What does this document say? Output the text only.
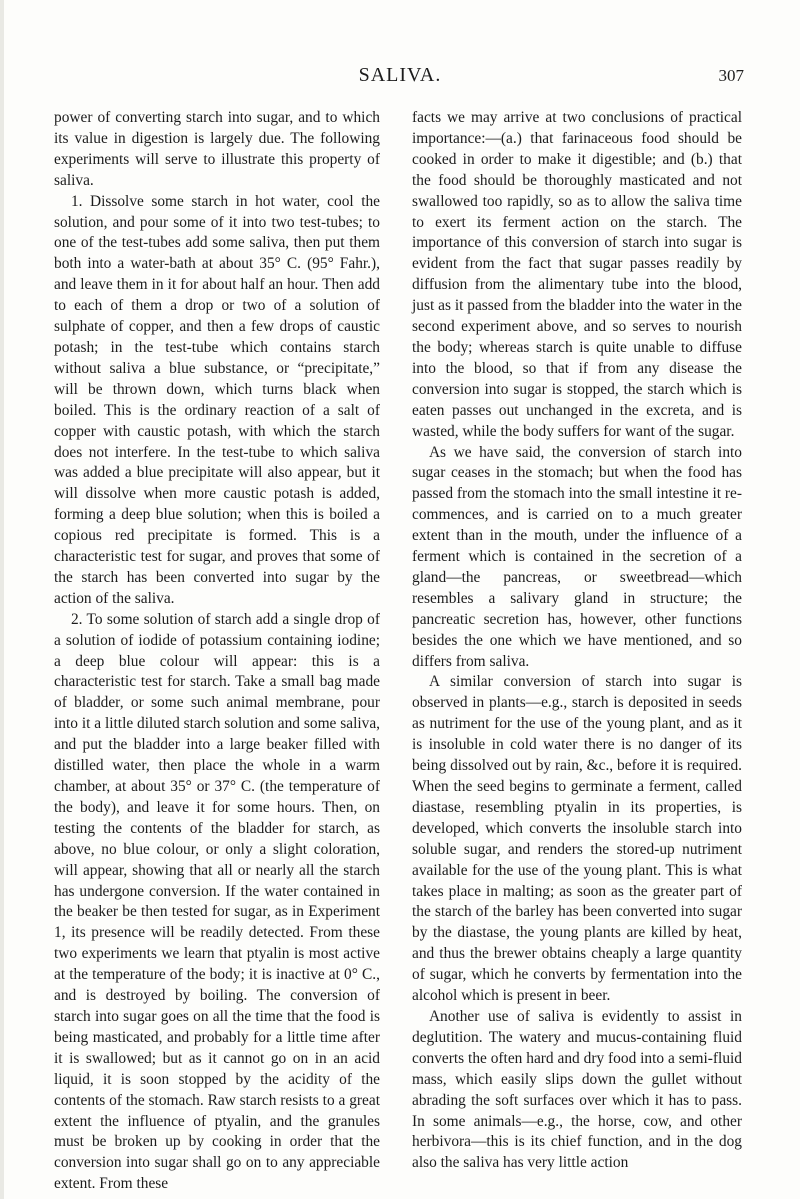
SALIVA.	307

power of converting starch into sugar, and to which its value in digestion is largely due. The following experiments will serve to illustrate this property of saliva.

1. Dissolve some starch in hot water, cool the solution, and pour some of it into two test-tubes; to one of the test-tubes add some saliva, then put them both into a water-bath at about 35° C. (95° Fahr.), and leave them in it for about half an hour. Then add to each of them a drop or two of a solution of sulphate of copper, and then a few drops of caustic potash; in the test-tube which contains starch without saliva a blue substance, or “precipitate,” will be thrown down, which turns black when boiled. This is the ordinary reaction of a salt of copper with caustic potash, with which the starch does not interfere. In the test-tube to which saliva was added a blue precipitate will also appear, but it will dissolve when more caustic potash is added, forming a deep blue solution; when this is boiled a copious red precipitate is formed. This is a characteristic test for sugar, and proves that some of the starch has been converted into sugar by the action of the saliva.

2. To some solution of starch add a single drop of a solution of iodide of potassium containing iodine; a deep blue colour will appear: this is a characteristic test for starch. Take a small bag made of bladder, or some such animal membrane, pour into it a little diluted starch solution and some saliva, and put the bladder into a large beaker filled with distilled water, then place the whole in a warm chamber, at about 35° or 37° C. (the temperature of the body), and leave it for some hours. Then, on testing the contents of the bladder for starch, as above, no blue colour, or only a slight coloration, will appear, showing that all or nearly all the starch has undergone conversion. If the water contained in the beaker be then tested for sugar, as in Experiment 1, its presence will be readily detected. From these two experiments we learn that ptyalin is most active at the temperature of the body; it is inactive at 0° C., and is destroyed by boiling. The conversion of starch into sugar goes on all the time that the food is being masticated, and probably for a little time after it is swallowed; but as it cannot go on in an acid liquid, it is soon stopped by the acidity of the contents of the stomach. Raw starch resists to a great extent the influence of ptyalin, and the granules must be broken up by cooking in order that the conversion into sugar shall go on to any appreciable extent. From these

facts we may arrive at two conclusions of practical importance:—(a.) that farinaceous food should be cooked in order to make it digestible; and (b.) that the food should be thoroughly masticated and not swallowed too rapidly, so as to allow the saliva time to exert its ferment action on the starch. The importance of this conversion of starch into sugar is evident from the fact that sugar passes readily by diffusion from the alimentary tube into the blood, just as it passed from the bladder into the water in the second experiment above, and so serves to nourish the body; whereas starch is quite unable to diffuse into the blood, so that if from any disease the conversion into sugar is stopped, the starch which is eaten passes out unchanged in the excreta, and is wasted, while the body suffers for want of the sugar.

As we have said, the conversion of starch into sugar ceases in the stomach; but when the food has passed from the stomach into the small intestine it re-commences, and is carried on to a much greater extent than in the mouth, under the influence of a ferment which is contained in the secretion of a gland—the pancreas, or sweetbread—which resembles a salivary gland in structure; the pancreatic secretion has, however, other functions besides the one which we have mentioned, and so differs from saliva.

A similar conversion of starch into sugar is observed in plants—e.g., starch is deposited in seeds as nutriment for the use of the young plant, and as it is insoluble in cold water there is no danger of its being dissolved out by rain, &c., before it is required. When the seed begins to germinate a ferment, called diastase, resembling ptyalin in its properties, is developed, which converts the insoluble starch into soluble sugar, and renders the stored-up nutriment available for the use of the young plant. This is what takes place in malting; as soon as the greater part of the starch of the barley has been converted into sugar by the diastase, the young plants are killed by heat, and thus the brewer obtains cheaply a large quantity of sugar, which he converts by fermentation into the alcohol which is present in beer.

Another use of saliva is evidently to assist in deglutition. The watery and mucus-containing fluid converts the often hard and dry food into a semi-fluid mass, which easily slips down the gullet without abrading the soft surfaces over which it has to pass. In some animals—e.g., the horse, cow, and other herbivora—this is its chief function, and in the dog also the saliva has very little action
